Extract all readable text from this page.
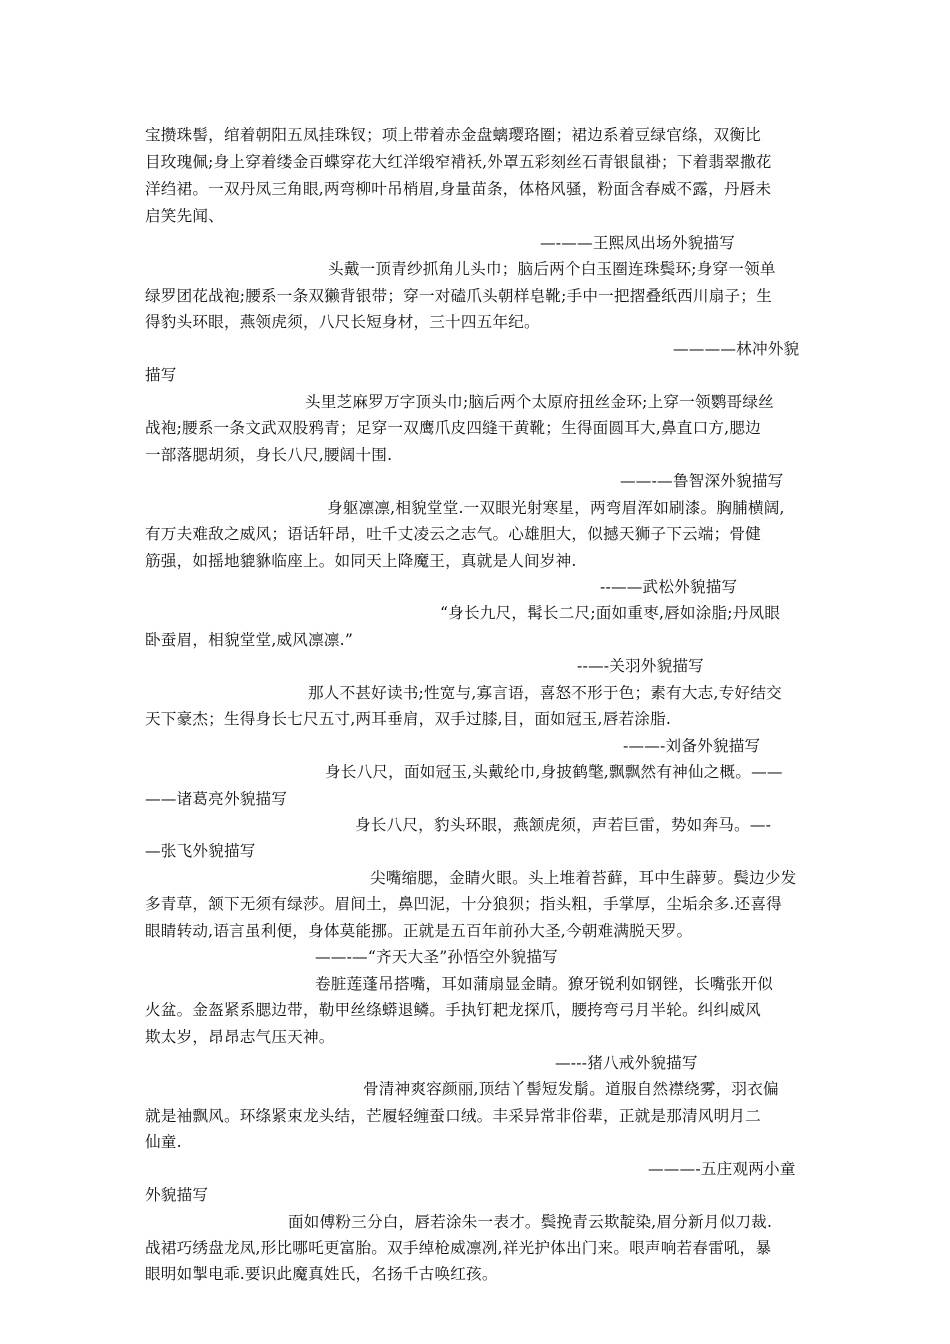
宝攒珠髻，绾着朝阳五凤挂珠钗；项上带着赤金盘螭璎珞圈；裙边系着豆绿官绦，双衡比
目玫瑰佩;身上穿着缕金百蝶穿花大红洋缎窄褙袄,外罩五彩刻丝石青银鼠褂；下着翡翠撒花
洋绉裙。一双丹凤三角眼,两弯柳叶吊梢眉,身量苗条，体格风骚，粉面含春威不露，丹唇未
启笑先闻、
—-——王熙凤出场外貌描写
头戴一顶青纱抓角儿头巾；脑后两个白玉圈连珠鬓环;身穿一领单
绿罗团花战袍;腰系一条双獭背银带；穿一对磕爪头朝样皂靴;手中一把摺叠纸西川扇子；生
得豹头环眼，燕领虎须，八尺长短身材，三十四五年纪。
————林冲外貌
描写
头里芝麻罗万字顶头巾;脑后两个太原府扭丝金环;上穿一领鹦哥绿丝
战袍;腰系一条文武双股鸦青；足穿一双鹰爪皮四缝干黄靴；生得面圆耳大,鼻直口方,腮边
一部落腮胡须，身长八尺,腰阔十围.
——-—鲁智深外貌描写
身躯凛凛,相貌堂堂.一双眼光射寒星，两弯眉浑如刷漆。胸脯横阔,
有万夫难敌之威风；语话轩昂，吐千丈凌云之志气。心雄胆大，似撼天狮子下云端；骨健
筋强，如摇地貔貅临座上。如同天上降魔王，真就是人间岁神.
--——武松外貌描写
“身长九尺，髯长二尺;面如重枣,唇如涂脂;丹凤眼
卧蚕眉，相貌堂堂,威风凛凛.”
--—-关羽外貌描写
那人不甚好读书;性宽与,寡言语，喜怒不形于色；素有大志,专好结交
天下豪杰；生得身长七尺五寸,两耳垂肩，双手过膝,目，面如冠玉,唇若涂脂.
-——-刘备外貌描写
身长八尺，面如冠玉,头戴纶巾,身披鹤氅,飘飘然有神仙之概。——
——诸葛亮外貌描写
身长八尺，豹头环眼，燕颔虎须，声若巨雷，势如奔马。—-
—张飞外貌描写
尖嘴缩腮，金睛火眼。头上堆着苔藓，耳中生薜萝。鬓边少发
多青草，颔下无须有绿莎。眉间土，鼻凹泥，十分狼狈；指头粗，手掌厚，尘垢余多.还喜得
眼睛转动,语言虽利便，身体莫能挪。正就是五百年前孙大圣,今朝难满脱天罗。
——-—“齐天大圣”孙悟空外貌描写
卷脏莲蓬吊搭嘴，耳如蒲扇显金睛。獠牙锐利如钢锉，长嘴张开似
火盆。金盔紧系腮边带，勒甲丝绦蟒退鳞。手执钉耙龙探爪，腰挎弯弓月半轮。纠纠威风
欺太岁，昂昂志气压天神。
—---猪八戒外貌描写
骨清神爽容颜丽,顶结丫髻短发鬅。道服自然襟绕雾，羽衣偏
就是袖飘风。环绦紧束龙头结，芒履轻缠蚕口绒。丰采异常非俗辈，正就是那清风明月二
仙童.
———-五庄观两小童
外貌描写
面如傅粉三分白，唇若涂朱一表才。鬓挽青云欺靛染,眉分新月似刀裁.
战裙巧绣盘龙凤,形比哪吒更富胎。双手绰枪威凛冽,祥光护体出门来。哏声响若春雷吼，暴
眼明如掣电乖.要识此魔真姓氏，名扬千古唤红孩。
